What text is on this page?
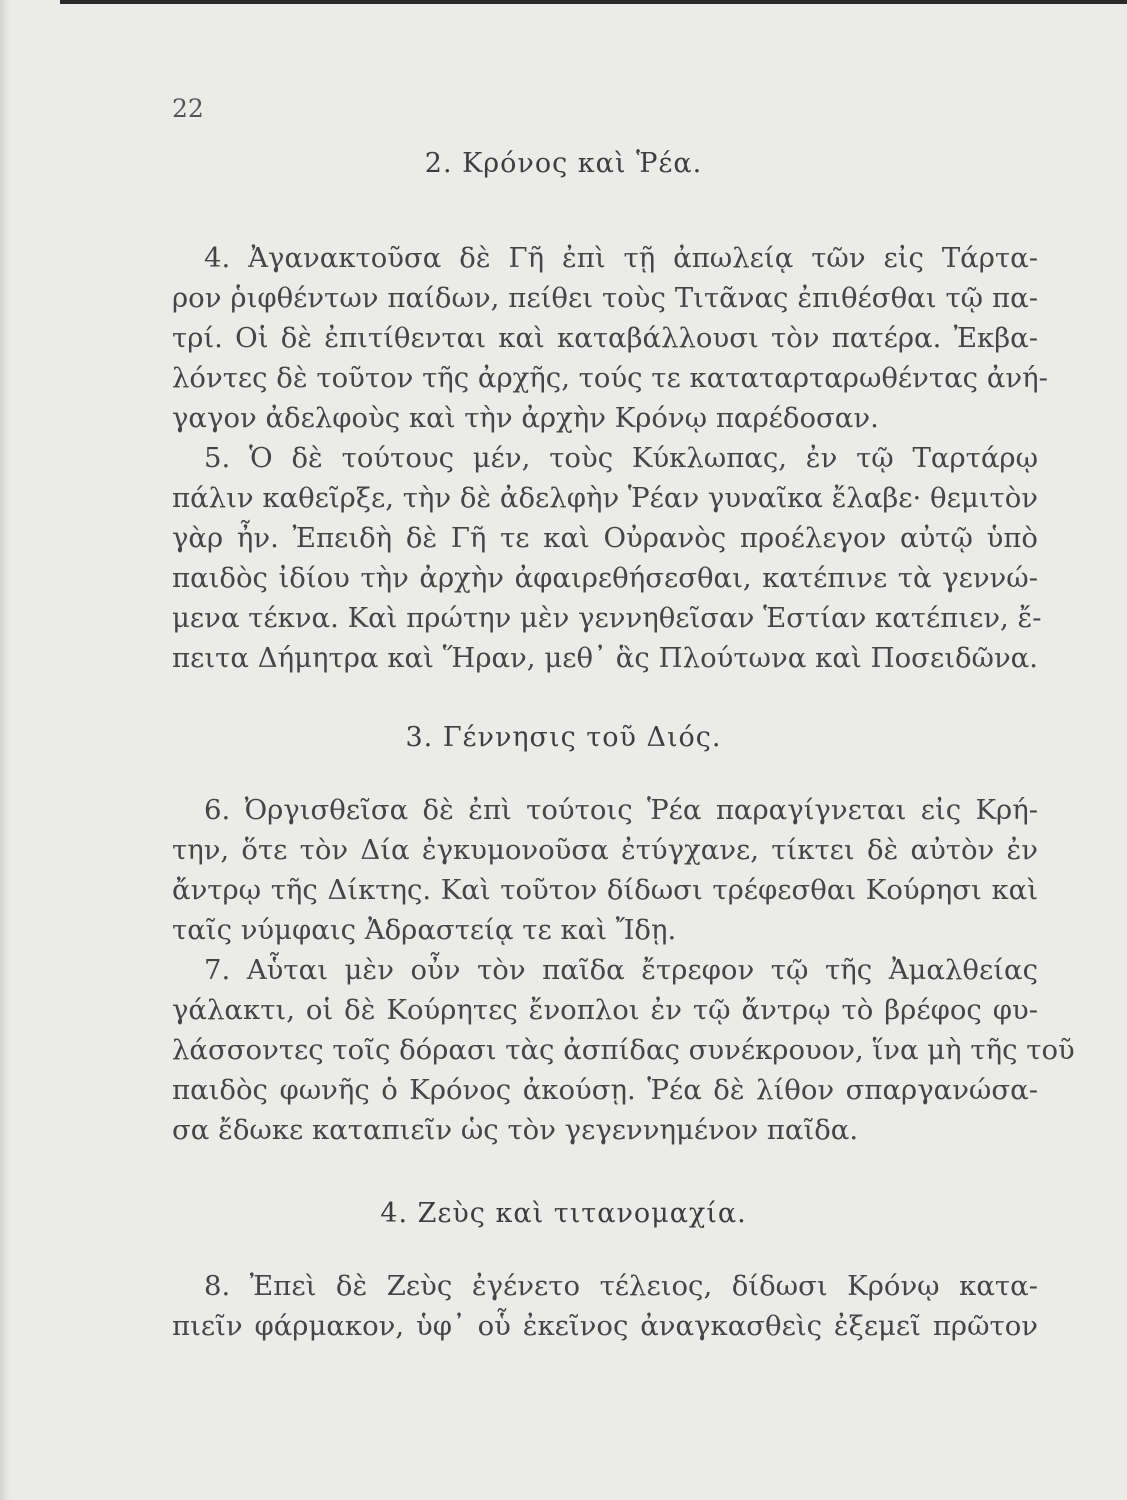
22
2. Κρόνος καὶ Ῥέα.
4. Ἀγανακτοῦσα δὲ Γῆ ἐπὶ τῇ ἀπωλείᾳ τῶν εἰς Τάρτα-
ρον ῥιφθέντων παίδων, πείθει τοὺς Τιτᾶνας ἐπιθέσθαι τῷ πα-
τρί. Οἱ δὲ ἐπιτίθενται καὶ καταβάλλουσι τὸν πατέρα. Ἐκβα-
λόντες δὲ τοῦτον τῆς ἀρχῆς, τούς τε καταταρταρωθέντας ἀνή-
γαγον ἀδελφοὺς καὶ τὴν ἀρχὴν Κρόνῳ παρέδοσαν.
5. Ὁ δὲ τούτους μέν, τοὺς Κύκλωπας, ἐν τῷ Ταρτάρῳ
πάλιν καθεῖρξε, τὴν δὲ ἀδελφὴν Ῥέαν γυναῖκα ἔλαβε· θεμιτὸν
γὰρ ἦν. Ἐπειδὴ δὲ Γῆ τε καὶ Οὐρανὸς προέλεγον αὐτῷ ὑπὸ
παιδὸς ἰδίου τὴν ἀρχὴν ἀφαιρεθήσεσθαι, κατέπινε τὰ γεννώ-
μενα τέκνα. Καὶ πρώτην μὲν γεννηθεῖσαν Ἑστίαν κατέπιεν, ἔ-
πειτα Δήμητρα καὶ Ἥραν, μεθ᾽ ἃς Πλούτωνα καὶ Ποσειδῶνα.
3. Γέννησις τοῦ Διός.
6. Ὀργισθεῖσα δὲ ἐπὶ τούτοις Ῥέα παραγίγνεται εἰς Κρή-
την, ὅτε τὸν Δία ἐγκυμονοῦσα ἐτύγχανε, τίκτει δὲ αὐτὸν ἐν
ἄντρῳ τῆς Δίκτης. Καὶ τοῦτον δίδωσι τρέφεσθαι Κούρησι καὶ
ταῖς νύμφαις Ἀδραστείᾳ τε καὶ Ἴδῃ.
7. Αὗται μὲν οὖν τὸν παῖδα ἔτρεφον τῷ τῆς Ἀμαλθείας
γάλακτι, οἱ δὲ Κούρητες ἔνοπλοι ἐν τῷ ἄντρῳ τὸ βρέφος φυ-
λάσσοντες τοῖς δόρασι τὰς ἀσπίδας συνέκρουον, ἵνα μὴ τῆς τοῦ
παιδὸς φωνῆς ὁ Κρόνος ἀκούσῃ. Ῥέα δὲ λίθον σπαργανώσα-
σα ἔδωκε καταπιεῖν ὡς τὸν γεγεννημένον παῖδα.
4. Ζεὺς καὶ τιτανομαχία.
8. Ἐπεὶ δὲ Ζεὺς ἐγένετο τέλειος, δίδωσι Κρόνῳ κατα-
πιεῖν φάρμακον, ὑφ᾽ οὗ ἐκεῖνος ἀναγκασθεὶς ἐξεμεῖ πρῶτον
